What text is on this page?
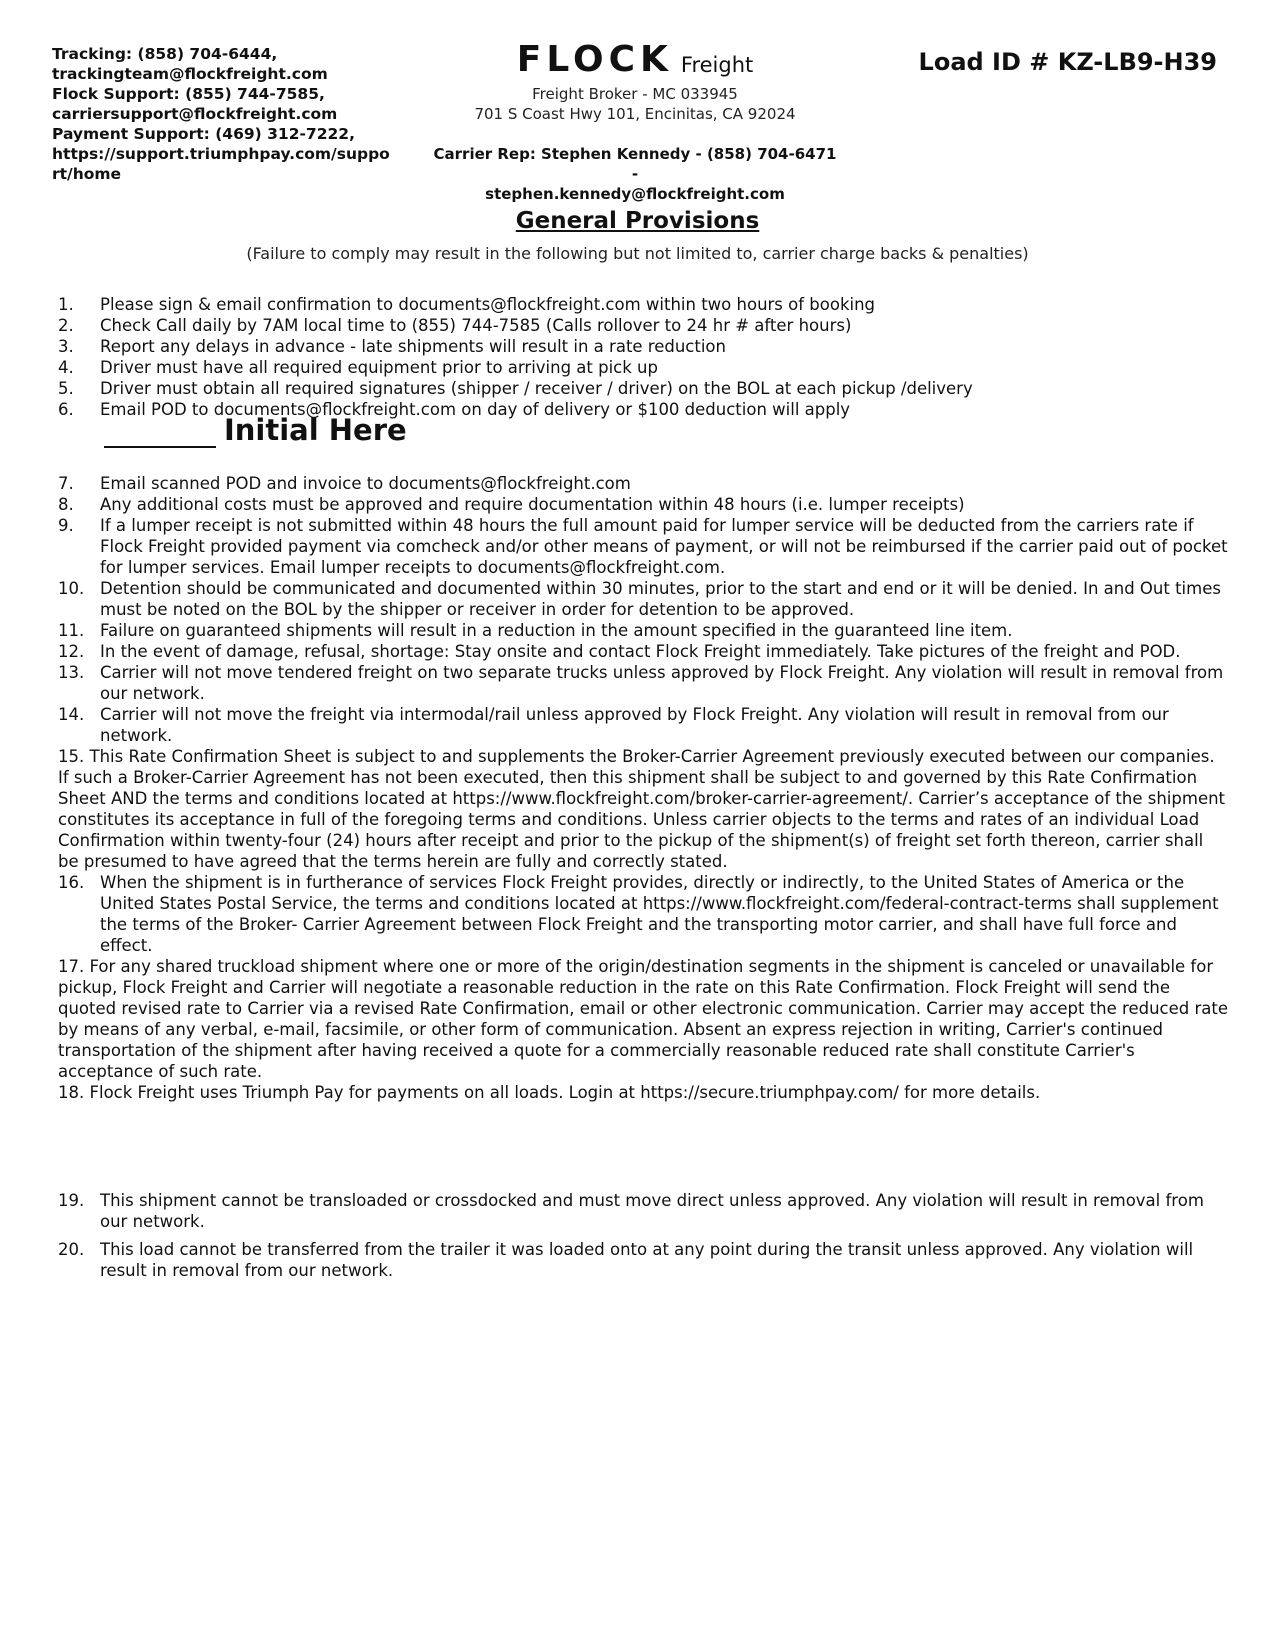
Tracking: (858) 704-6444,
trackingteam@flockfreight.com
Flock Support: (855) 744-7585,
carriersupport@flockfreight.com
Payment Support: (469) 312-7222,
https://support.triumphpay.com/support/home
FLOCK Freight
Freight Broker - MC 033945
701 S Coast Hwy 101, Encinitas, CA 92024
Carrier Rep: Stephen Kennedy - (858) 704-6471 -
stephen.kennedy@flockfreight.com
Load ID # KZ-LB9-H39
General Provisions
(Failure to comply may result in the following but not limited to, carrier charge backs & penalties)
1.	Please sign & email confirmation to documents@flockfreight.com within two hours of booking
2.	Check Call daily by 7AM local time to (855) 744-7585 (Calls rollover to 24 hr # after hours)
3.	Report any delays in advance - late shipments will result in a rate reduction
4.	Driver must have all required equipment prior to arriving at pick up
5.	Driver must obtain all required signatures (shipper / receiver / driver) on the BOL at each pickup /delivery
6.	Email POD to documents@flockfreight.com on day of delivery or $100 deduction will apply
Initial Here
7.	Email scanned POD and invoice to documents@flockfreight.com
8.	Any additional costs must be approved and require documentation within 48 hours (i.e. lumper receipts)
9.	If a lumper receipt is not submitted within 48 hours the full amount paid for lumper service will be deducted from the carriers rate if Flock Freight provided payment via comcheck and/or other means of payment, or will not be reimbursed if the carrier paid out of pocket for lumper services. Email lumper receipts to documents@flockfreight.com.
10. Detention should be communicated and documented within 30 minutes, prior to the start and end or it will be denied. In and Out times must be noted on the BOL by the shipper or receiver in order for detention to be approved.
11. Failure on guaranteed shipments will result in a reduction in the amount specified in the guaranteed line item.
12. In the event of damage, refusal, shortage: Stay onsite and contact Flock Freight immediately. Take pictures of the freight and POD.
13. Carrier will not move tendered freight on two separate trucks unless approved by Flock Freight. Any violation will result in removal from our network.
14. Carrier will not move the freight via intermodal/rail unless approved by Flock Freight. Any violation will result in removal from our network.
15. This Rate Confirmation Sheet is subject to and supplements the Broker-Carrier Agreement previously executed between our companies. If such a Broker-Carrier Agreement has not been executed, then this shipment shall be subject to and governed by this Rate Confirmation Sheet AND the terms and conditions located at https://www.flockfreight.com/broker-carrier-agreement/. Carrier’s acceptance of the shipment constitutes its acceptance in full of the foregoing terms and conditions. Unless carrier objects to the terms and rates of an individual Load Confirmation within twenty-four (24) hours after receipt and prior to the pickup of the shipment(s) of freight set forth thereon, carrier shall be presumed to have agreed that the terms herein are fully and correctly stated.
16. When the shipment is in furtherance of services Flock Freight provides, directly or indirectly, to the United States of America or the United States Postal Service, the terms and conditions located at https://www.flockfreight.com/federal-contract-terms shall supplement the terms of the Broker- Carrier Agreement between Flock Freight and the transporting motor carrier, and shall have full force and effect.
17. For any shared truckload shipment where one or more of the origin/destination segments in the shipment is canceled or unavailable for pickup, Flock Freight and Carrier will negotiate a reasonable reduction in the rate on this Rate Confirmation. Flock Freight will send the quoted revised rate to Carrier via a revised Rate Confirmation, email or other electronic communication. Carrier may accept the reduced rate by means of any verbal, e-mail, facsimile, or other form of communication. Absent an express rejection in writing, Carrier's continued transportation of the shipment after having received a quote for a commercially reasonable reduced rate shall constitute Carrier's acceptance of such rate.
18. Flock Freight uses Triumph Pay for payments on all loads. Login at https://secure.triumphpay.com/ for more details.
19. This shipment cannot be transloaded or crossdocked and must move direct unless approved. Any violation will result in removal from our network.
20. This load cannot be transferred from the trailer it was loaded onto at any point during the transit unless approved. Any violation will result in removal from our network.
